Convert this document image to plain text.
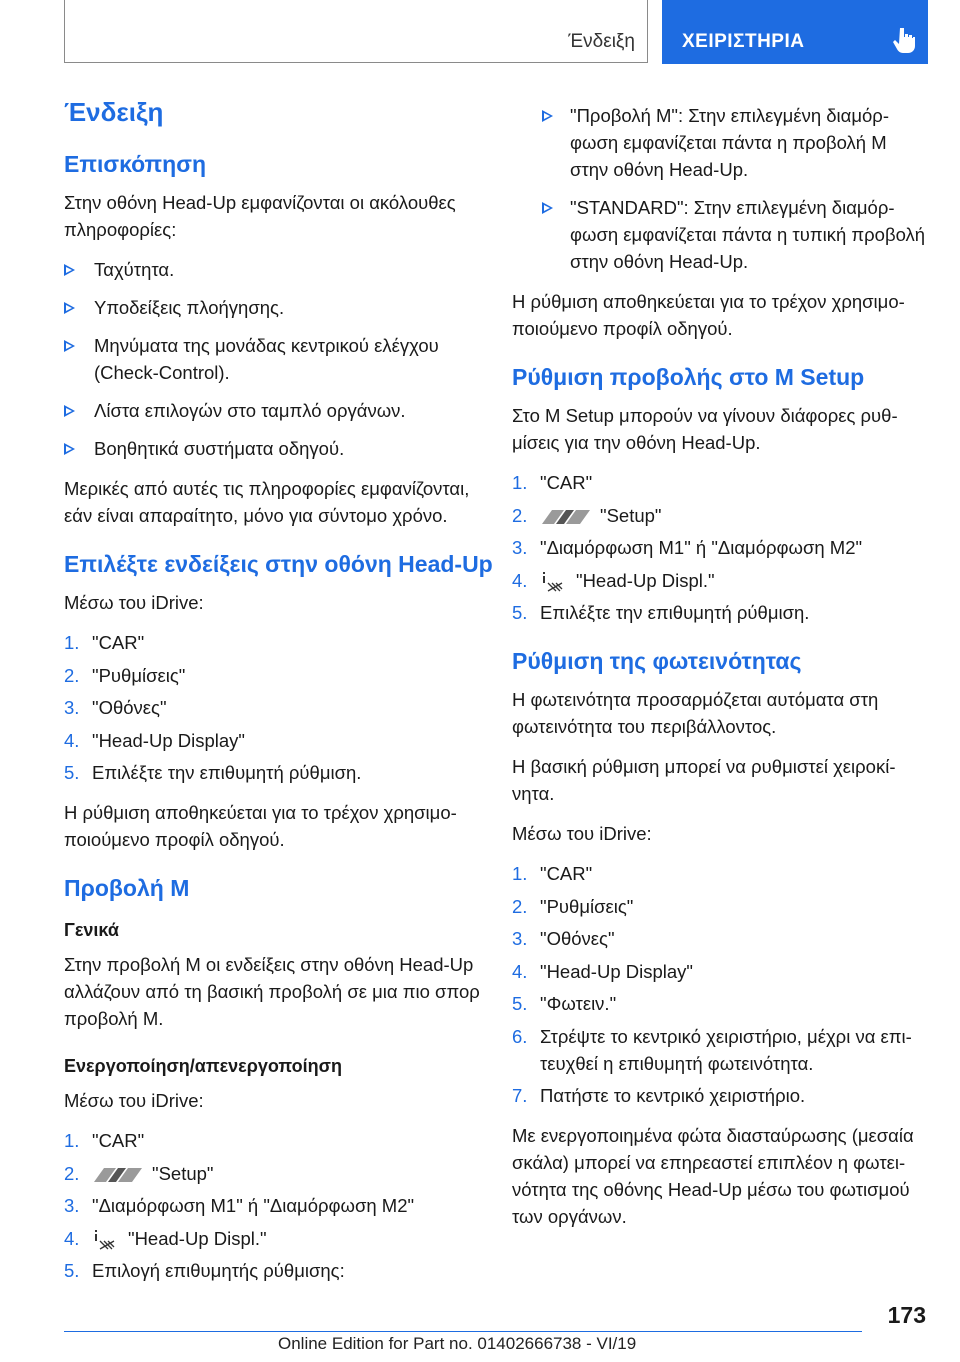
Ένδειξη ΧΕΙΡΙΣΤΗΡΙΑ
Ένδειξη
Επισκόπηση

Στην οθόνη Head-Up εμφανίζονται οι ακόλουθες πληροφορίες:

Ταχύτητα.
Υποδείξεις πλοήγησης.
Μηνύματα της μονάδας κεντρικού ελέγχου (Check-Control).
Λίστα επιλογών στο ταμπλό οργάνων.
Βοηθητικά συστήματα οδηγού.

Μερικές από αυτές τις πληροφορίες εμφανίζονται, εάν είναι απαραίτητο, μόνο για σύντομο χρόνο.

Επιλέξτε ενδείξεις στην οθόνη Head-Up

Μέσω του iDrive:

1. "CAR"
2. "Ρυθμίσεις"
3. "Οθόνες"
4. "Head-Up Display"
5. Επιλέξτε την επιθυμητή ρύθμιση.

Η ρύθμιση αποθηκεύεται για το τρέχον χρησιμοποιούμενο προφίλ οδηγού.

Προβολή M
Γενικά

Στην προβολή M οι ενδείξεις στην οθόνη Head-Up αλλάζουν από τη βασική προβολή σε μια πιο σπορ προβολή M.

Ενεργοποίηση/απενεργοποίηση

Μέσω του iDrive:

1. "CAR"
2.	"Setup"
3. "Διαμόρφωση M1" ή "Διαμόρφωση M2"
4.	"Head-Up Displ."
5. Επιλογή επιθυμητής ρύθμισης:
"Προβολή M": Στην επιλεγμένη διαμόρφωση εμφανίζεται πάντα η προβολή M στην οθόνη Head-Up.
"STANDARD": Στην επιλεγμένη διαμόρφωση εμφανίζεται πάντα η τυπική προβολή στην οθόνη Head-Up.

Η ρύθμιση αποθηκεύεται για το τρέχον χρησιμοποιούμενο προφίλ οδηγού.

Ρύθμιση προβολής στο M Setup

Στο M Setup μπορούν να γίνουν διάφορες ρυθμίσεις για την οθόνη Head-Up.

1. "CAR"
2.	"Setup"
3. "Διαμόρφωση M1" ή "Διαμόρφωση M2"
4.	"Head-Up Displ."
5. Επιλέξτε την επιθυμητή ρύθμιση.
Ρύθμιση της φωτεινότητας

Η φωτεινότητα προσαρμόζεται αυτόματα στη φωτεινότητα του περιβάλλοντος.

Η βασική ρύθμιση μπορεί να ρυθμιστεί χειροκίνητα.

Μέσω του iDrive:

1. "CAR"
2. "Ρυθμίσεις"
3. "Οθόνες"
4. "Head-Up Display"
5. "Φωτειν."
6. Στρέψτε το κεντρικό χειριστήριο, μέχρι να επιτευχθεί η επιθυμητή φωτεινότητα.
7. Πατήστε το κεντρικό χειριστήριο.

Με ενεργοποιημένα φώτα διασταύρωσης (μεσαία σκάλα) μπορεί να επηρεαστεί επιπλέον η φωτεινότητα της οθόνης Head-Up μέσω του φωτισμού των οργάνων.

173
Online Edition for Part no. 01402666738 - VI/19
